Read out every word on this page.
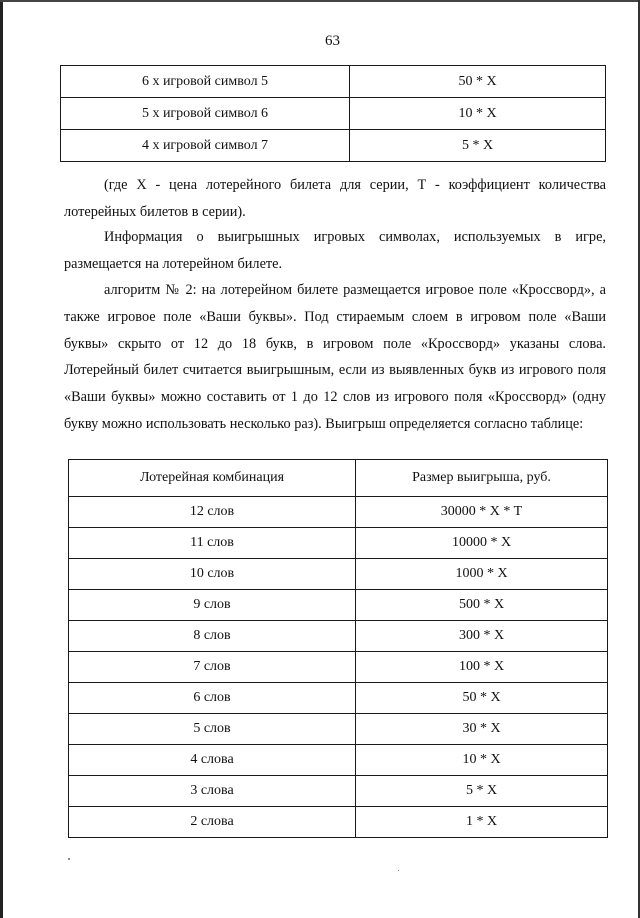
63
6 х игровой символ 5	50 * X
5 х игровой символ 6	10 * X
4 х игровой символ 7	5 * X

(где Х - цена лотерейного билета для серии, Т - коэффициент количества лотерейных билетов в серии).

Информация о выигрышных игровых символах, используемых в игре, размещается на лотерейном билете.

алгоритм № 2: на лотерейном билете размещается игровое поле «Кроссворд», а также игровое поле «Ваши буквы». Под стираемым слоем в игровом поле «Ваши буквы» скрыто от 12 до 18 букв, в игровом поле «Кроссворд» указаны слова. Лотерейный билет считается выигрышным, если из выявленных букв из игрового поля «Ваши буквы» можно составить от 1 до 12 слов из игрового поля «Кроссворд» (одну букву можно использовать несколько раз). Выигрыш определяется согласно таблице:

Лотерейная комбинация	Размер выигрыша, руб.
12 слов	30000 * X * T
11 слов	10000 * X
10 слов	1000 * X
9 слов	500 * X
8 слов	300 * X
7 слов	100 * X
6 слов	50 * X
5 слов	30 * X
4 слова	10 * X
3 слова	5 * X
2 слова	1 * X
